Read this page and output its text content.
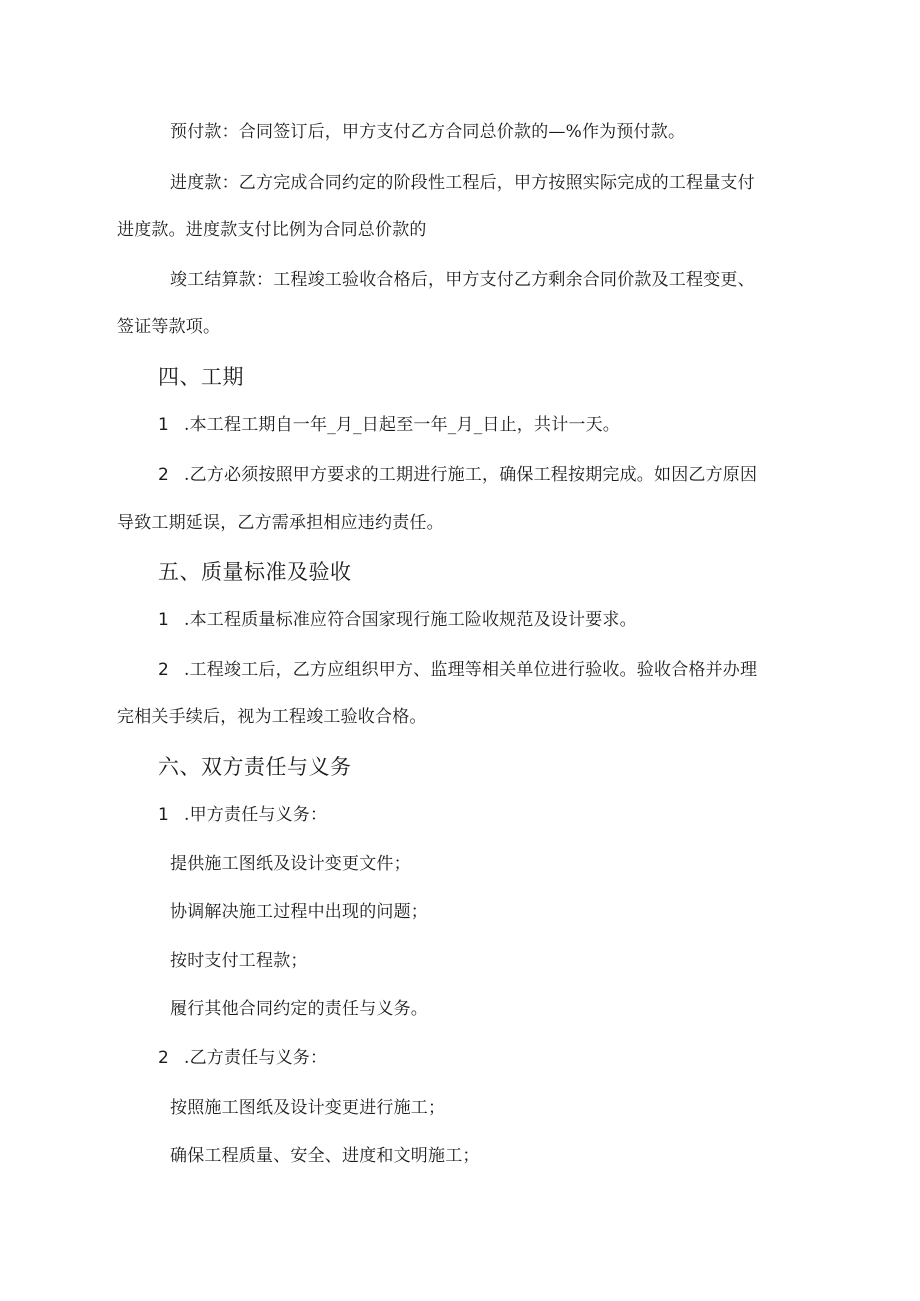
预付款：合同签订后，甲方支付乙方合同总价款的—%作为预付款。
进度款：乙方完成合同约定的阶段性工程后，甲方按照实际完成的工程量支付
进度款。进度款支付比例为合同总价款的
竣工结算款：工程竣工验收合格后，甲方支付乙方剩余合同价款及工程变更、
签证等款项。
四、工期
1 .本工程工期自一年_月_日起至一年_月_日止，共计一天。
2 .乙方必须按照甲方要求的工期进行施工，确保工程按期完成。如因乙方原因
导致工期延误，乙方需承担相应违约责任。
五、质量标准及验收
1 .本工程质量标准应符合国家现行施工险收规范及设计要求。
2 .工程竣工后，乙方应组织甲方、监理等相关单位进行验收。验收合格并办理
完相关手续后，视为工程竣工验收合格。
六、双方责任与义务
1 .甲方责任与义务：
提供施工图纸及设计变更文件；
协调解决施工过程中出现的问题；
按时支付工程款；
履行其他合同约定的责任与义务。
2 .乙方责任与义务：
按照施工图纸及设计变更进行施工；
确保工程质量、安全、进度和文明施工；
